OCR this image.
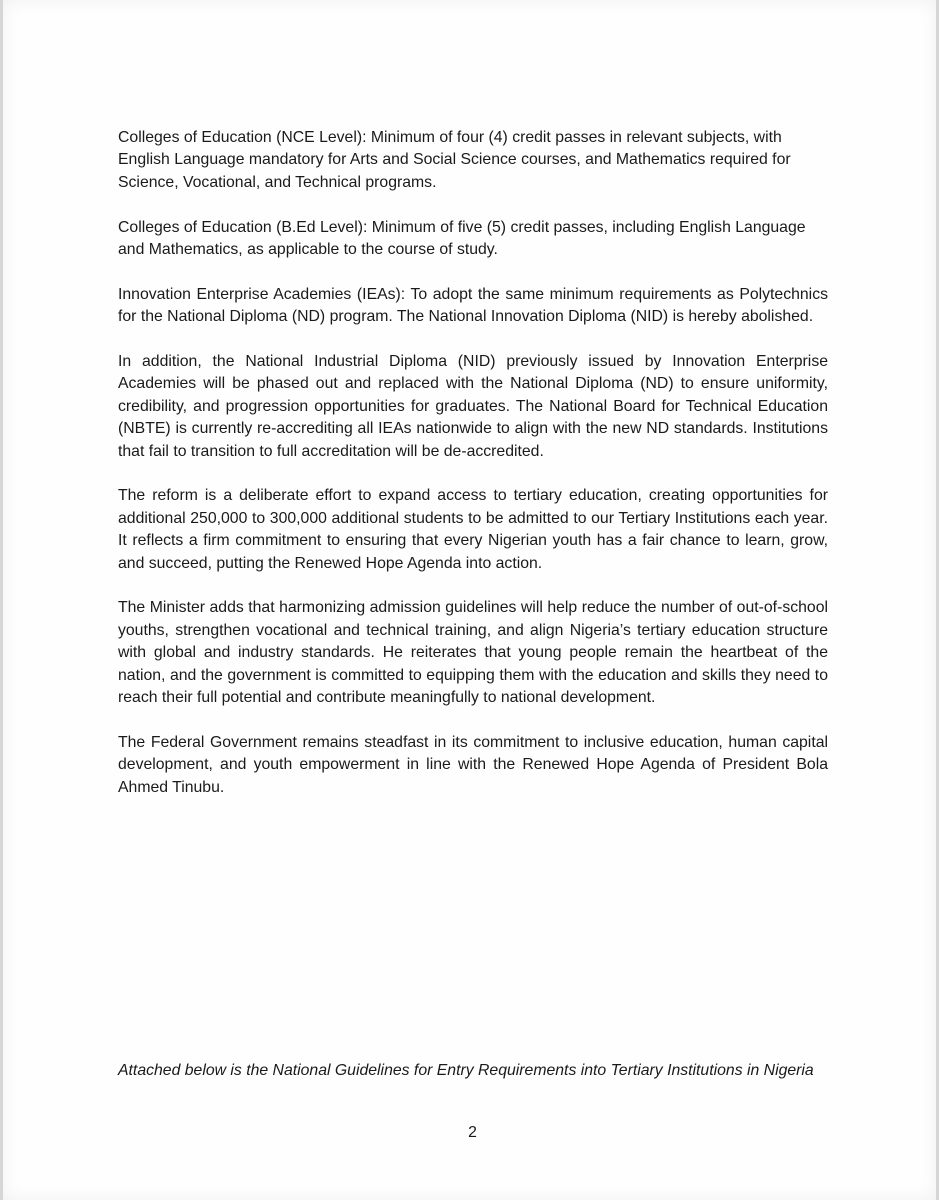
Colleges of Education (NCE Level): Minimum of four (4) credit passes in relevant subjects, with English Language mandatory for Arts and Social Science courses, and Mathematics required for Science, Vocational, and Technical programs.

Colleges of Education (B.Ed Level): Minimum of five (5) credit passes, including English Language and Mathematics, as applicable to the course of study.

Innovation Enterprise Academies (IEAs): To adopt the same minimum requirements as Polytechnics for the National Diploma (ND) program. The National Innovation Diploma (NID) is hereby abolished.

In addition, the National Industrial Diploma (NID) previously issued by Innovation Enterprise Academies will be phased out and replaced with the National Diploma (ND) to ensure uniformity, credibility, and progression opportunities for graduates. The National Board for Technical Education (NBTE) is currently re-accrediting all IEAs nationwide to align with the new ND standards. Institutions that fail to transition to full accreditation will be de-accredited.

The reform is a deliberate effort to expand access to tertiary education, creating opportunities for additional 250,000 to 300,000 additional students to be admitted to our Tertiary Institutions each year. It reflects a firm commitment to ensuring that every Nigerian youth has a fair chance to learn, grow, and succeed, putting the Renewed Hope Agenda into action.

The Minister adds that harmonizing admission guidelines will help reduce the number of out-of-school youths, strengthen vocational and technical training, and align Nigeria’s tertiary education structure with global and industry standards. He reiterates that young people remain the heartbeat of the nation, and the government is committed to equipping them with the education and skills they need to reach their full potential and contribute meaningfully to national development.

The Federal Government remains steadfast in its commitment to inclusive education, human capital development, and youth empowerment in line with the Renewed Hope Agenda of President Bola Ahmed Tinubu.

Attached below is the National Guidelines for Entry Requirements into Tertiary Institutions in Nigeria

2
